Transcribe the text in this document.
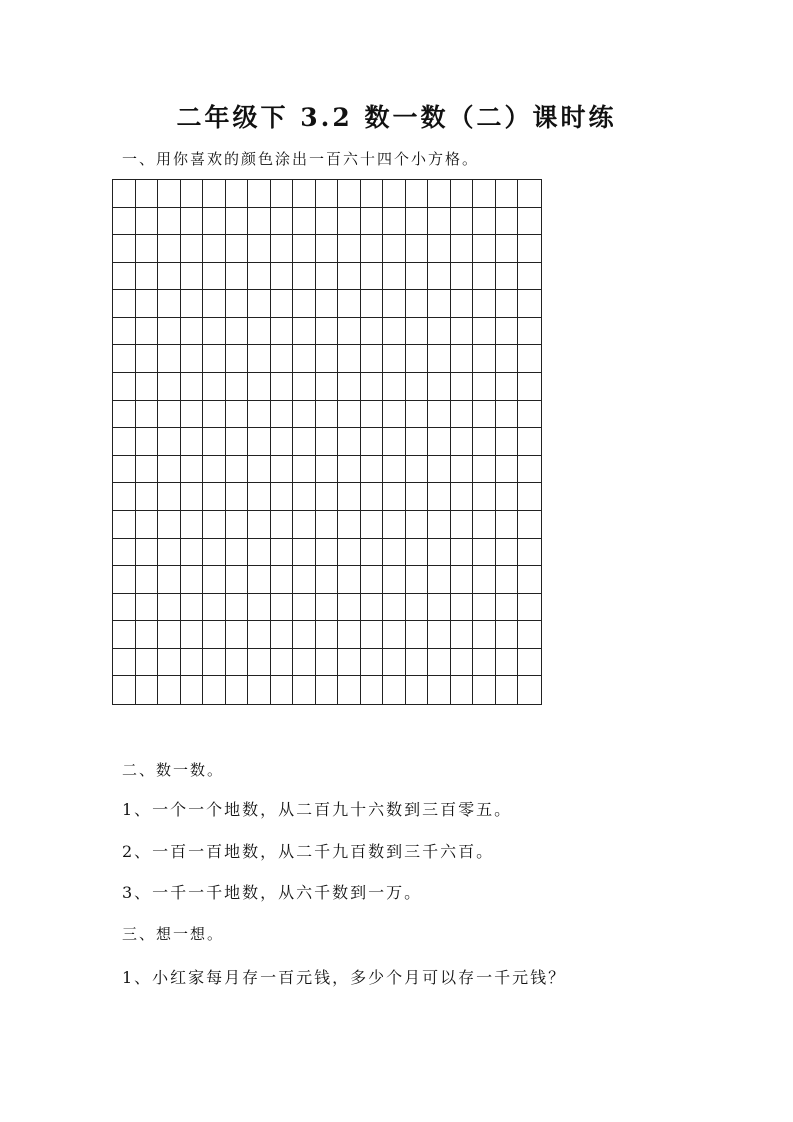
二年级下 3.2 数一数（二）课时练

一、用你喜欢的颜色涂出一百六十四个小方格。

二、数一数。

1、一个一个地数，从二百九十六数到三百零五。

2、一百一百地数，从二千九百数到三千六百。

3、一千一千地数，从六千数到一万。

三、想一想。

1、小红家每月存一百元钱，多少个月可以存一千元钱？
